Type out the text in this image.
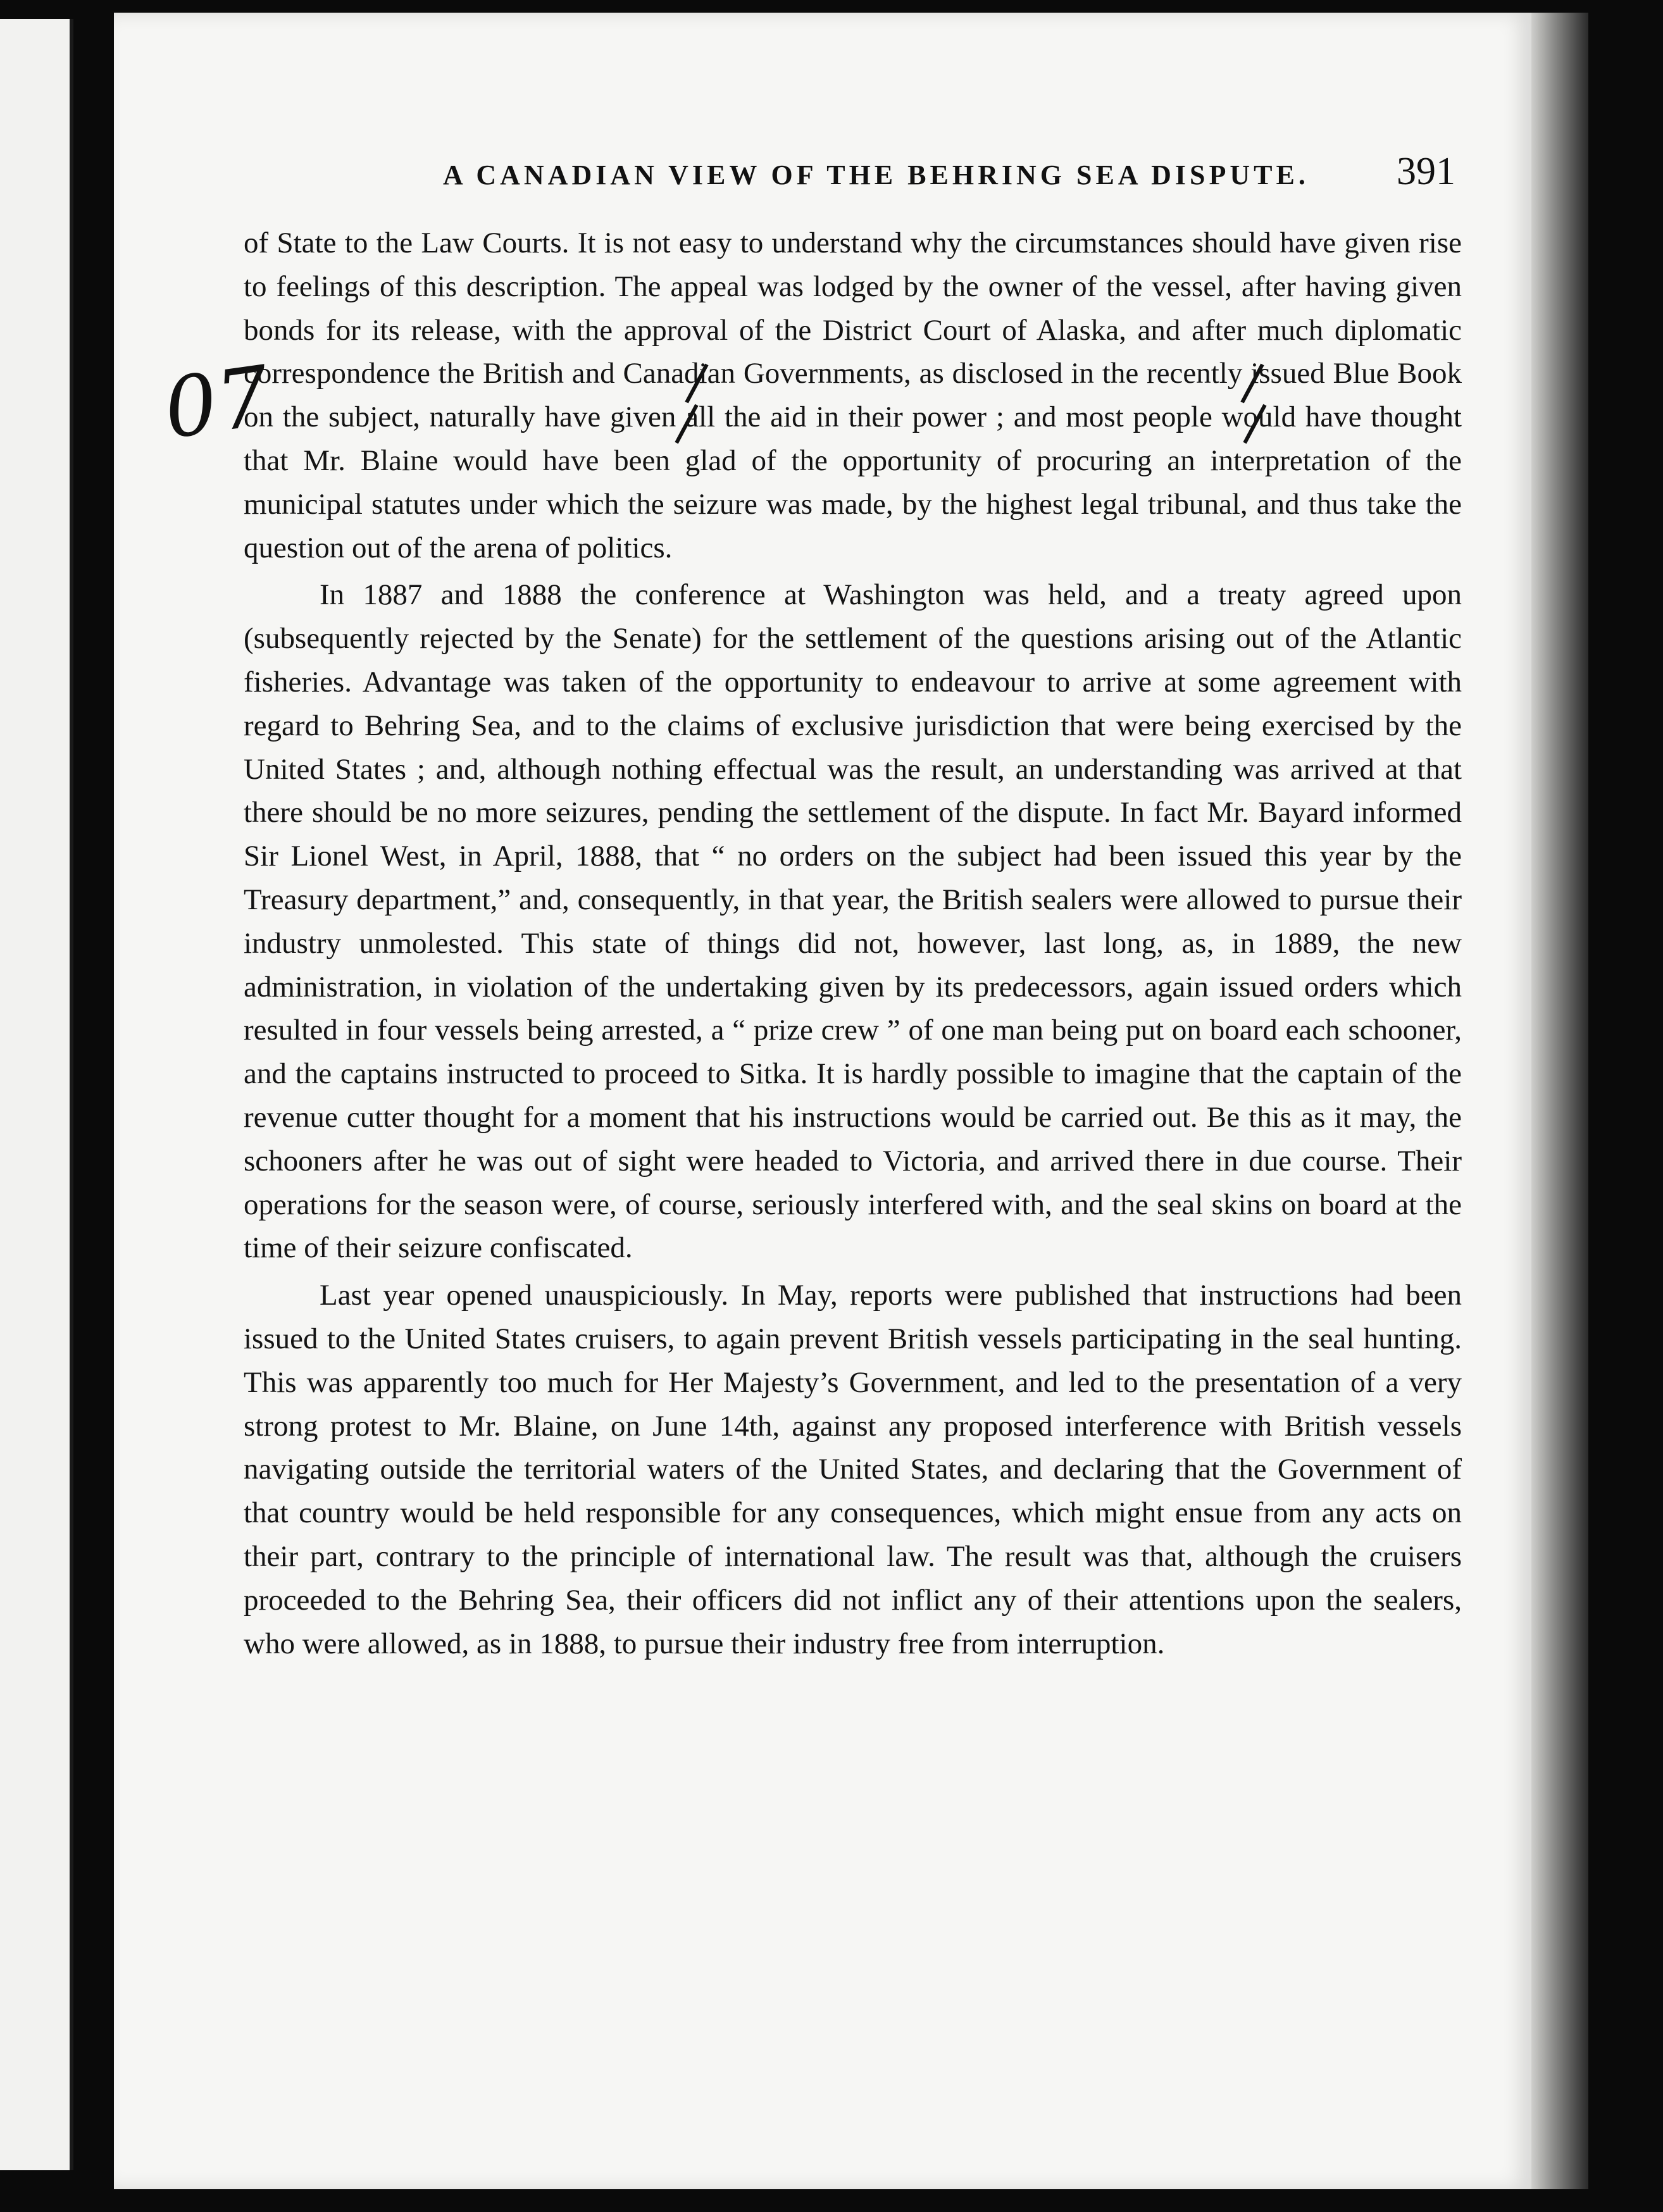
A CANADIAN VIEW OF THE BEHRING SEA DISPUTE. 391
07

of State to the Law Courts. It is not easy to understand why the circumstances should have given rise to feelings of this description. The appeal was lodged by the owner of the vessel, after having given bonds for its release, with the approval of the District Court of Alaska, and after much diplomatic correspondence the British and Canadian Governments, as disclosed in the recently issued Blue Book on the subject, naturally have given all the aid in their power ; and most people would have thought that Mr. Blaine would have been glad of the opportunity of procuring an interpretation of the municipal statutes under which the seizure was made, by the highest legal tribunal, and thus take the question out of the arena of politics.

In 1887 and 1888 the conference at Washington was held, and a treaty agreed upon (subsequently rejected by the Senate) for the settlement of the questions arising out of the Atlantic fisheries. Advantage was taken of the opportunity to endeavour to arrive at some agreement with regard to Behring Sea, and to the claims of exclusive jurisdiction that were being exercised by the United States ; and, although nothing effectual was the result, an understanding was arrived at that there should be no more seizures, pending the settlement of the dispute. In fact Mr. Bayard informed Sir Lionel West, in April, 1888, that “ no orders on the subject had been issued this year by the Treasury department,” and, consequently, in that year, the British sealers were allowed to pursue their industry unmolested. This state of things did not, however, last long, as, in 1889, the new administration, in violation of the undertaking given by its predecessors, again issued orders which resulted in four vessels being arrested, a “ prize crew ” of one man being put on board each schooner, and the captains instructed to proceed to Sitka. It is hardly possible to imagine that the captain of the revenue cutter thought for a moment that his instructions would be carried out. Be this as it may, the schooners after he was out of sight were headed to Victoria, and arrived there in due course. Their operations for the season were, of course, seriously interfered with, and the seal skins on board at the time of their seizure confiscated.

Last year opened unauspiciously. In May, reports were published that instructions had been issued to the United States cruisers, to again prevent British vessels participating in the seal hunting. This was apparently too much for Her Majesty’s Government, and led to the presentation of a very strong protest to Mr. Blaine, on June 14th, against any proposed interference with British vessels navigating outside the territorial waters of the United States, and declaring that the Government of that country would be held responsible for any consequences, which might ensue from any acts on their part, contrary to the principle of international law. The result was that, although the cruisers proceeded to the Behring Sea, their officers did not inflict any of their attentions upon the sealers, who were allowed, as in 1888, to pursue their industry free from interruption.
